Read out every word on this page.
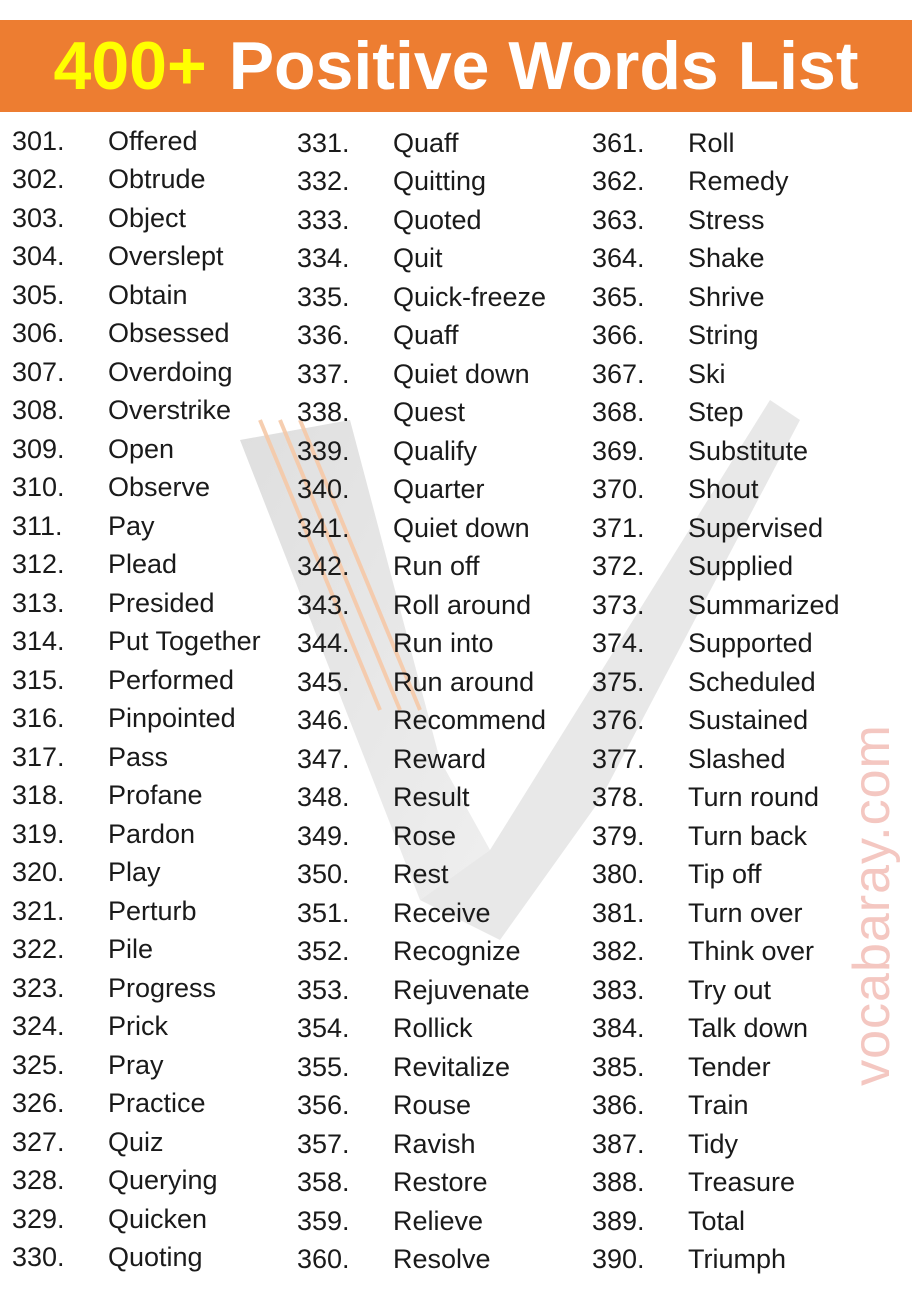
400+ Positive Words List
vocabaray.com
301.	Offered
302.	Obtrude
303.	Object
304.	Overslept
305.	Obtain
306.	Obsessed
307.	Overdoing
308.	Overstrike
309.	Open
310.	Observe
311.	Pay
312.	Plead
313.	Presided
314.	Put Together
315.	Performed
316.	Pinpointed
317.	Pass
318.	Profane
319.	Pardon
320.	Play
321.	Perturb
322.	Pile
323.	Progress
324.	Prick
325.	Pray
326.	Practice
327.	Quiz
328.	Querying
329.	Quicken
330.	Quoting
331.	Quaff
332.	Quitting
333.	Quoted
334.	Quit
335.	Quick-freeze
336.	Quaff
337.	Quiet down
338.	Quest
339.	Qualify
340.	Quarter
341.	Quiet down
342.	Run off
343.	Roll around
344.	Run into
345.	Run around
346.	Recommend
347.	Reward
348.	Result
349.	Rose
350.	Rest
351.	Receive
352.	Recognize
353.	Rejuvenate
354.	Rollick
355.	Revitalize
356.	Rouse
357.	Ravish
358.	Restore
359.	Relieve
360.	Resolve
361.	Roll
362.	Remedy
363.	Stress
364.	Shake
365.	Shrive
366.	String
367.	Ski
368.	Step
369.	Substitute
370.	Shout
371.	Supervised
372.	Supplied
373.	Summarized
374.	Supported
375.	Scheduled
376.	Sustained
377.	Slashed
378.	Turn round
379.	Turn back
380.	Tip off
381.	Turn over
382.	Think over
383.	Try out
384.	Talk down
385.	Tender
386.	Train
387.	Tidy
388.	Treasure
389.	Total
390.	Triumph
